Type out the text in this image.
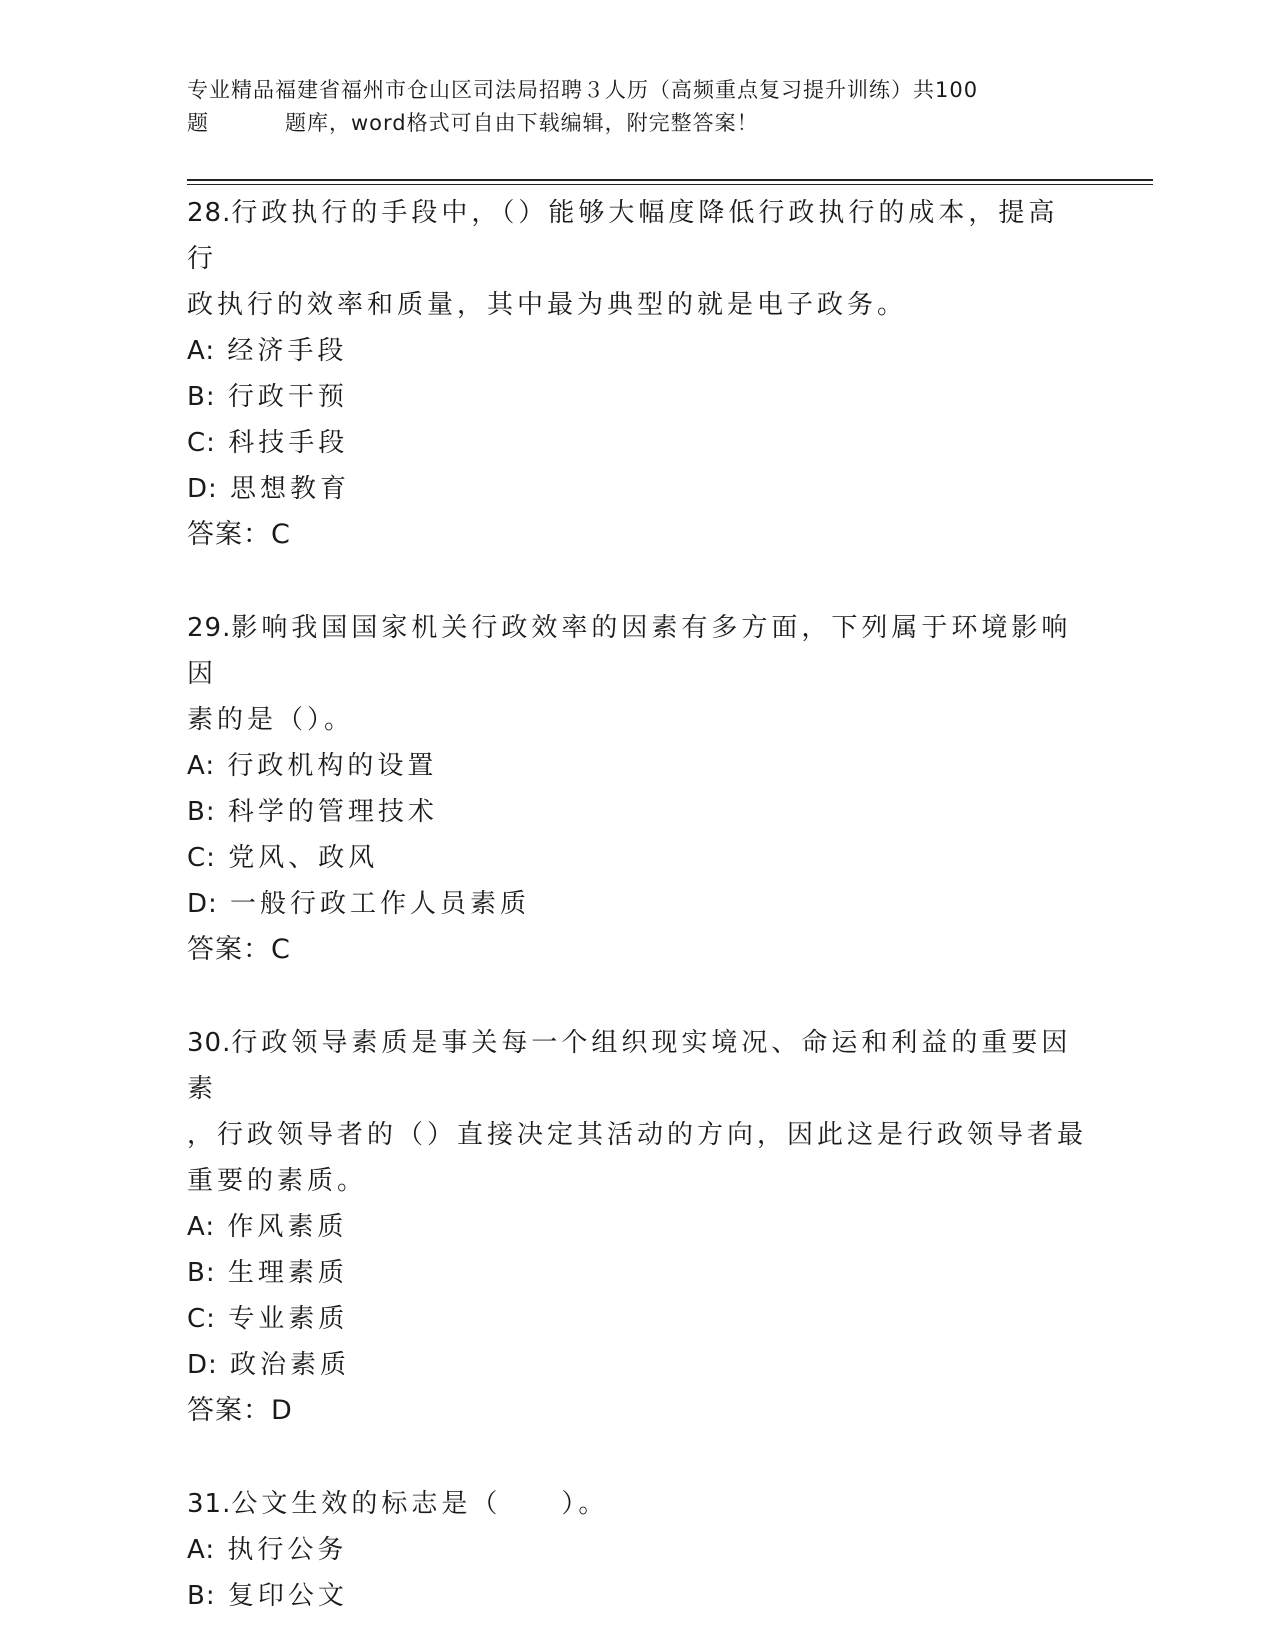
专业精品福建省福州市仓山区司法局招聘３人历（高频重点复习提升训练）共100
题	题库，word格式可自由下载编辑，附完整答案！

28.行政执行的手段中，（）能够大幅度降低行政执行的成本，提高行
政执行的效率和质量，其中最为典型的就是电子政务。

A: 经济手段

B: 行政干预

C: 科技手段

D: 思想教育

答案：C

29.影响我国国家机关行政效率的因素有多方面，下列属于环境影响因
素的是（）。

A: 行政机构的设置

B: 科学的管理技术

C: 党风、政风

D: 一般行政工作人员素质

答案：C

30.行政领导素质是事关每一个组织现实境况、命运和利益的重要因素
，行政领导者的（）直接决定其活动的方向，因此这是行政领导者最
重要的素质。

A: 作风素质

B: 生理素质

C: 专业素质

D: 政治素质

答案：D

31.公文生效的标志是（　　）。

A: 执行公务

B: 复印公文
